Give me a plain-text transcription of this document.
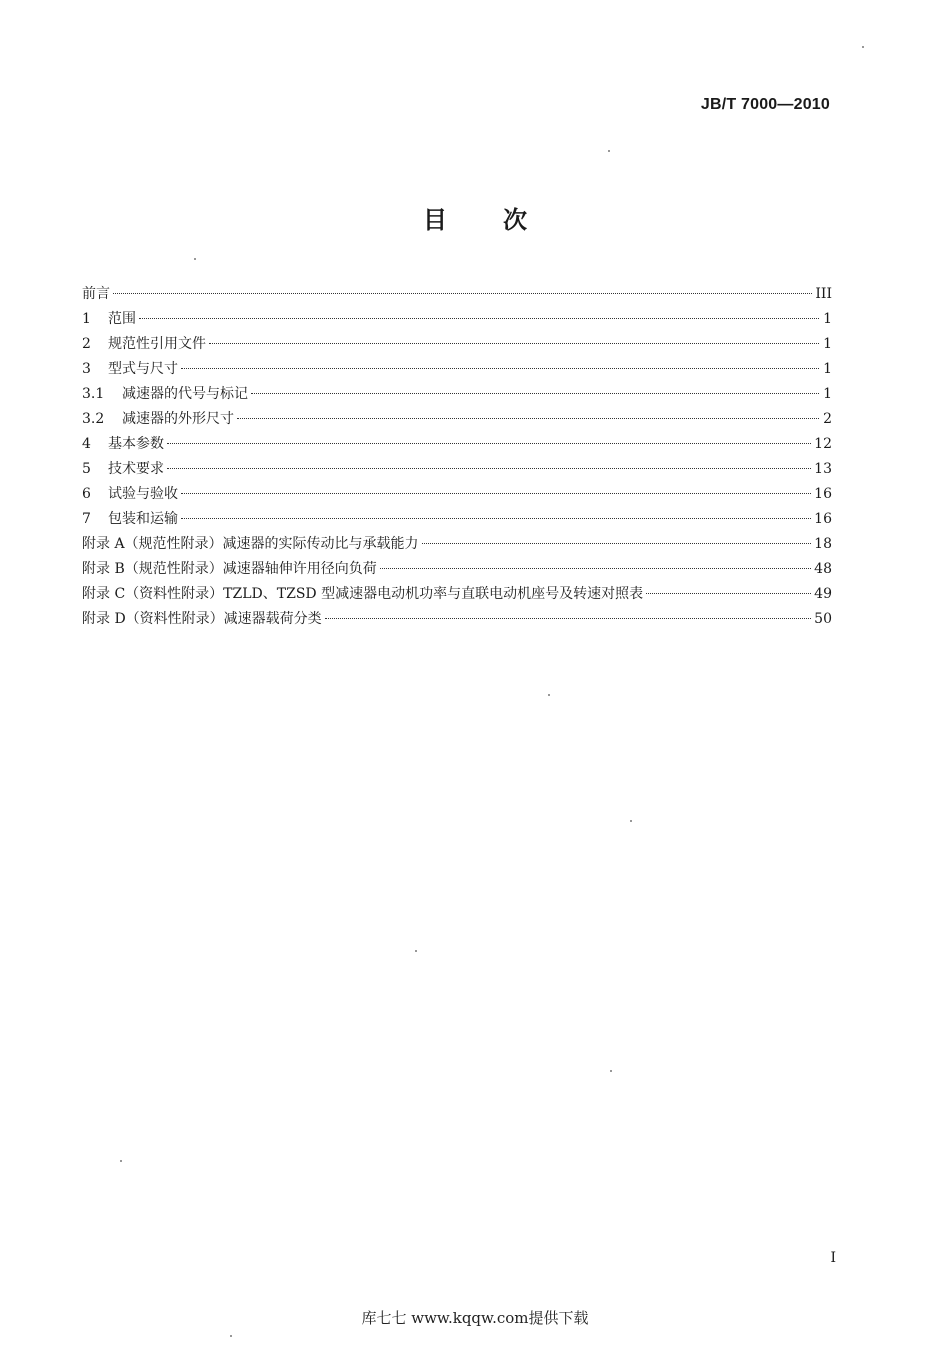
JB/T 7000—2010
目次
前言	III
1	范围	1
2	规范性引用文件	1
3	型式与尺寸	1
3.1	减速器的代号与标记	1
3.2	减速器的外形尺寸	2
4	基本参数	12
5	技术要求	13
6	试验与验收	16
7	包装和运输	16
附录 A（规范性附录）减速器的实际传动比与承载能力	18
附录 B（规范性附录）减速器轴伸许用径向负荷	48
附录 C（资料性附录）TZLD、TZSD 型减速器电动机功率与直联电动机座号及转速对照表	49
附录 D（资料性附录）减速器载荷分类	50
I
库七七 www.kqqw.com提供下载
